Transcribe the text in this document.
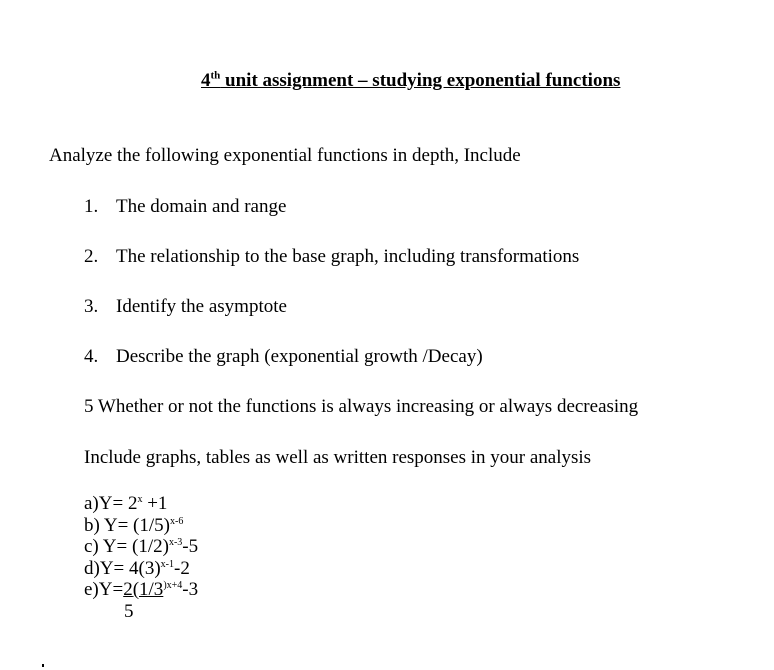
4th unit assignment – studying exponential functions
Analyze the following exponential functions in depth, Include
1. The domain and range
2. The relationship to the base graph, including transformations
3. Identify the asymptote
4. Describe the graph (exponential growth /Decay)
5 Whether or not the functions is always increasing or always decreasing
Include graphs, tables as well as written responses in your analysis
$a)Y= 2^x +1$
b) $Y= (1/5)^{x-6}$
c) $Y= (1/2)^{x-3}-5$
$d)Y= 4(3)^{x-1}-2$
$e)Y=2(1/3^{)x+4}-3$
5
